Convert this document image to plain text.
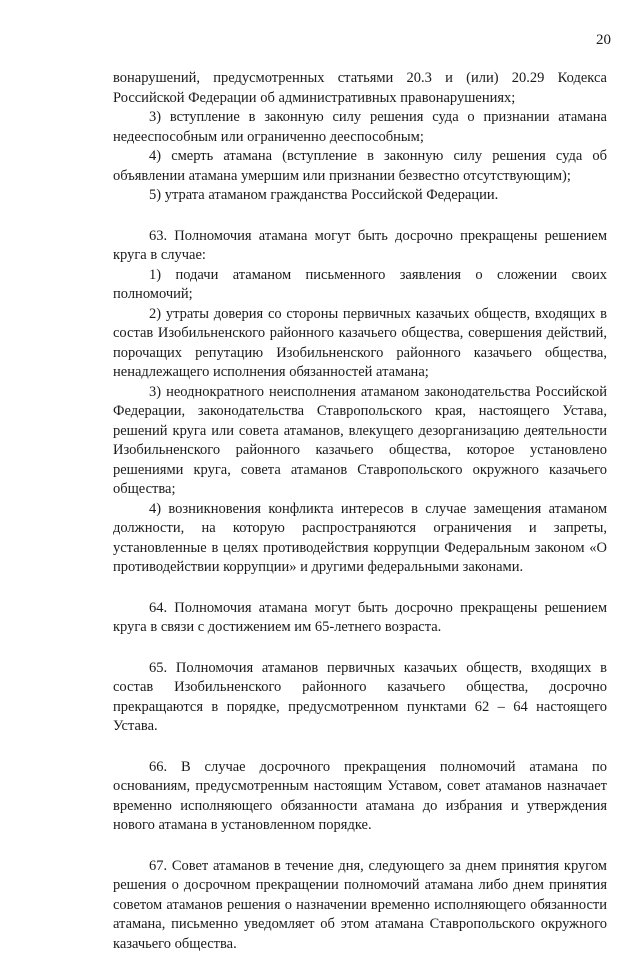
20

вонарушений, предусмотренных статьями 20.3 и (или) 20.29 Кодекса Российской Федерации об административных правонарушениях;

3) вступление в законную силу решения суда о признании атамана недееспособным или ограниченно дееспособным;

4) смерть атамана (вступление в законную силу решения суда об объявлении атамана умершим или признании безвестно отсутствующим);

5) утрата атаманом гражданства Российской Федерации.

63. Полномочия атамана могут быть досрочно прекращены решением круга в случае:

1) подачи атаманом письменного заявления о сложении своих полномочий;

2) утраты доверия со стороны первичных казачьих обществ, входящих в состав Изобильненского районного казачьего общества, совершения действий, порочащих репутацию Изобильненского районного казачьего общества, ненадлежащего исполнения обязанностей атамана;

3) неоднократного неисполнения атаманом законодательства Российской Федерации, законодательства Ставропольского края, настоящего Устава, решений круга или совета атаманов, влекущего дезорганизацию деятельности Изобильненского районного казачьего общества, которое установлено решениями круга, совета атаманов Ставропольского окружного казачьего общества;

4) возникновения конфликта интересов в случае замещения атаманом должности, на которую распространяются ограничения и запреты, установленные в целях противодействия коррупции Федеральным законом «О противодействии коррупции» и другими федеральными законами.

64. Полномочия атамана могут быть досрочно прекращены решением круга в связи с достижением им 65-летнего возраста.

65. Полномочия атаманов первичных казачьих обществ, входящих в состав Изобильненского районного казачьего общества, досрочно прекращаются в порядке, предусмотренном пунктами 62 – 64 настоящего Устава.

66. В случае досрочного прекращения полномочий атамана по основаниям, предусмотренным настоящим Уставом, совет атаманов назначает временно исполняющего обязанности атамана до избрания и утверждения нового атамана в установленном порядке.

67. Совет атаманов в течение дня, следующего за днем принятия кругом решения о досрочном прекращении полномочий атамана либо днем принятия советом атаманов решения о назначении временно исполняющего обязанности атамана, письменно уведомляет об этом атамана Ставропольского окружного казачьего общества.
